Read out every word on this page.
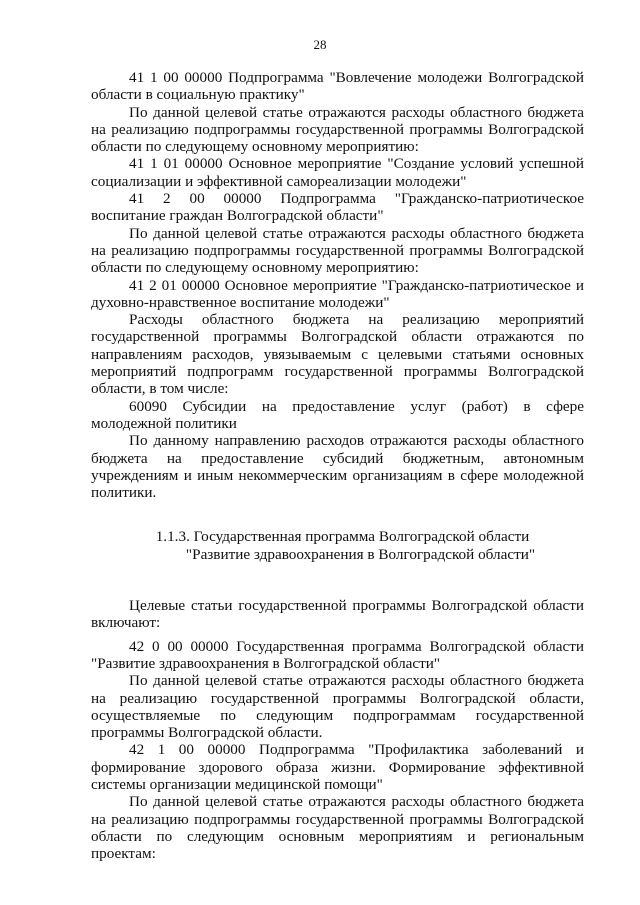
28

41 1 00 00000 Подпрограмма "Вовлечение молодежи Волгоградской области в социальную практику"

По данной целевой статье отражаются расходы областного бюджета на реализацию подпрограммы государственной программы Волгоградской области по следующему основному мероприятию:

41 1 01 00000 Основное мероприятие "Создание условий успешной социализации и эффективной самореализации молодежи"

41 2 00 00000 Подпрограмма "Гражданско-патриотическое воспитание граждан Волгоградской области"

По данной целевой статье отражаются расходы областного бюджета на реализацию подпрограммы государственной программы Волгоградской области по следующему основному мероприятию:

41 2 01 00000 Основное мероприятие "Гражданско-патриотическое и духовно-нравственное воспитание молодежи"

Расходы областного бюджета на реализацию мероприятий государственной программы Волгоградской области отражаются по направлениям расходов, увязываемым с целевыми статьями основных мероприятий подпрограмм государственной программы Волгоградской области, в том числе:

60090 Субсидии на предоставление услуг (работ) в сфере молодежной политики

По данному направлению расходов отражаются расходы областного бюджета на предоставление субсидий бюджетным, автономным учреждениям и иным некоммерческим организациям в сфере молодежной политики.

1.1.3. Государственная программа Волгоградской области
"Развитие здравоохранения в Волгоградской области"

Целевые статьи государственной программы Волгоградской области включают:

42 0 00 00000 Государственная программа Волгоградской области "Развитие здравоохранения в Волгоградской области"

По данной целевой статье отражаются расходы областного бюджета на реализацию государственной программы Волгоградской области, осуществляемые по следующим подпрограммам государственной программы Волгоградской области.

42 1 00 00000 Подпрограмма "Профилактика заболеваний и формирование здорового образа жизни. Формирование эффективной системы организации медицинской помощи"

По данной целевой статье отражаются расходы областного бюджета на реализацию подпрограммы государственной программы Волгоградской области по следующим основным мероприятиям и региональным проектам:
